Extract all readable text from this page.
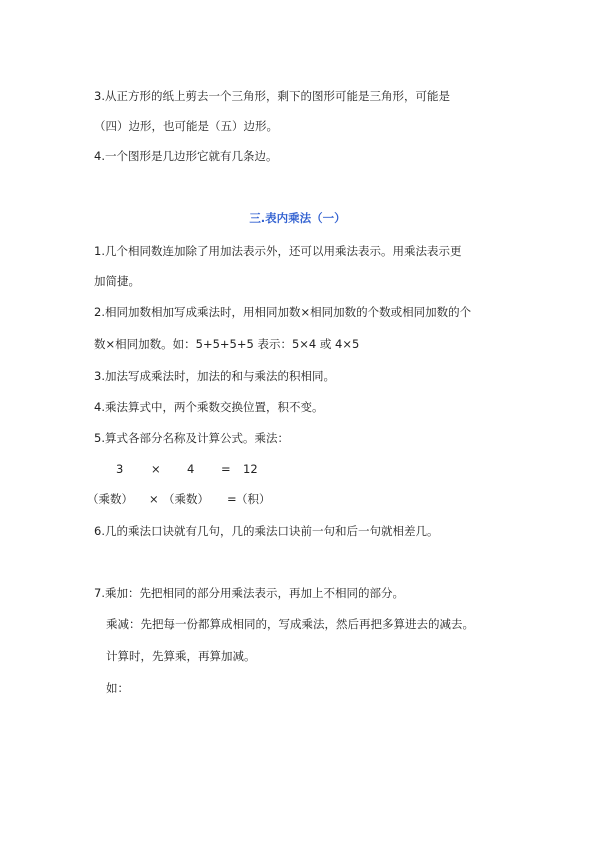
3.从正方形的纸上剪去一个三角形，剩下的图形可能是三角形，可能是
（四）边形，也可能是（五）边形。
4.一个图形是几边形它就有几条边。
三.表内乘法（一）
1.几个相同数连加除了用加法表示外，还可以用乘法表示。用乘法表示更
加简捷。
2.相同加数相加写成乘法时，用相同加数×相同加数的个数或相同加数的个
数×相同加数。如：5+5+5+5 表示：5×4 或 4×5
3.加法写成乘法时，加法的和与乘法的积相同。
4.乘法算式中，两个乘数交换位置，积不变。
5.算式各部分名称及计算公式。乘法：
3 × 4 = 12
（乘数） × （乘数） = （积）
6.几的乘法口诀就有几句，几的乘法口诀前一句和后一句就相差几。
7.乘加：先把相同的部分用乘法表示，再加上不相同的部分。
乘减：先把每一份都算成相同的，写成乘法，然后再把多算进去的减去。
计算时，先算乘，再算加减。
如：
